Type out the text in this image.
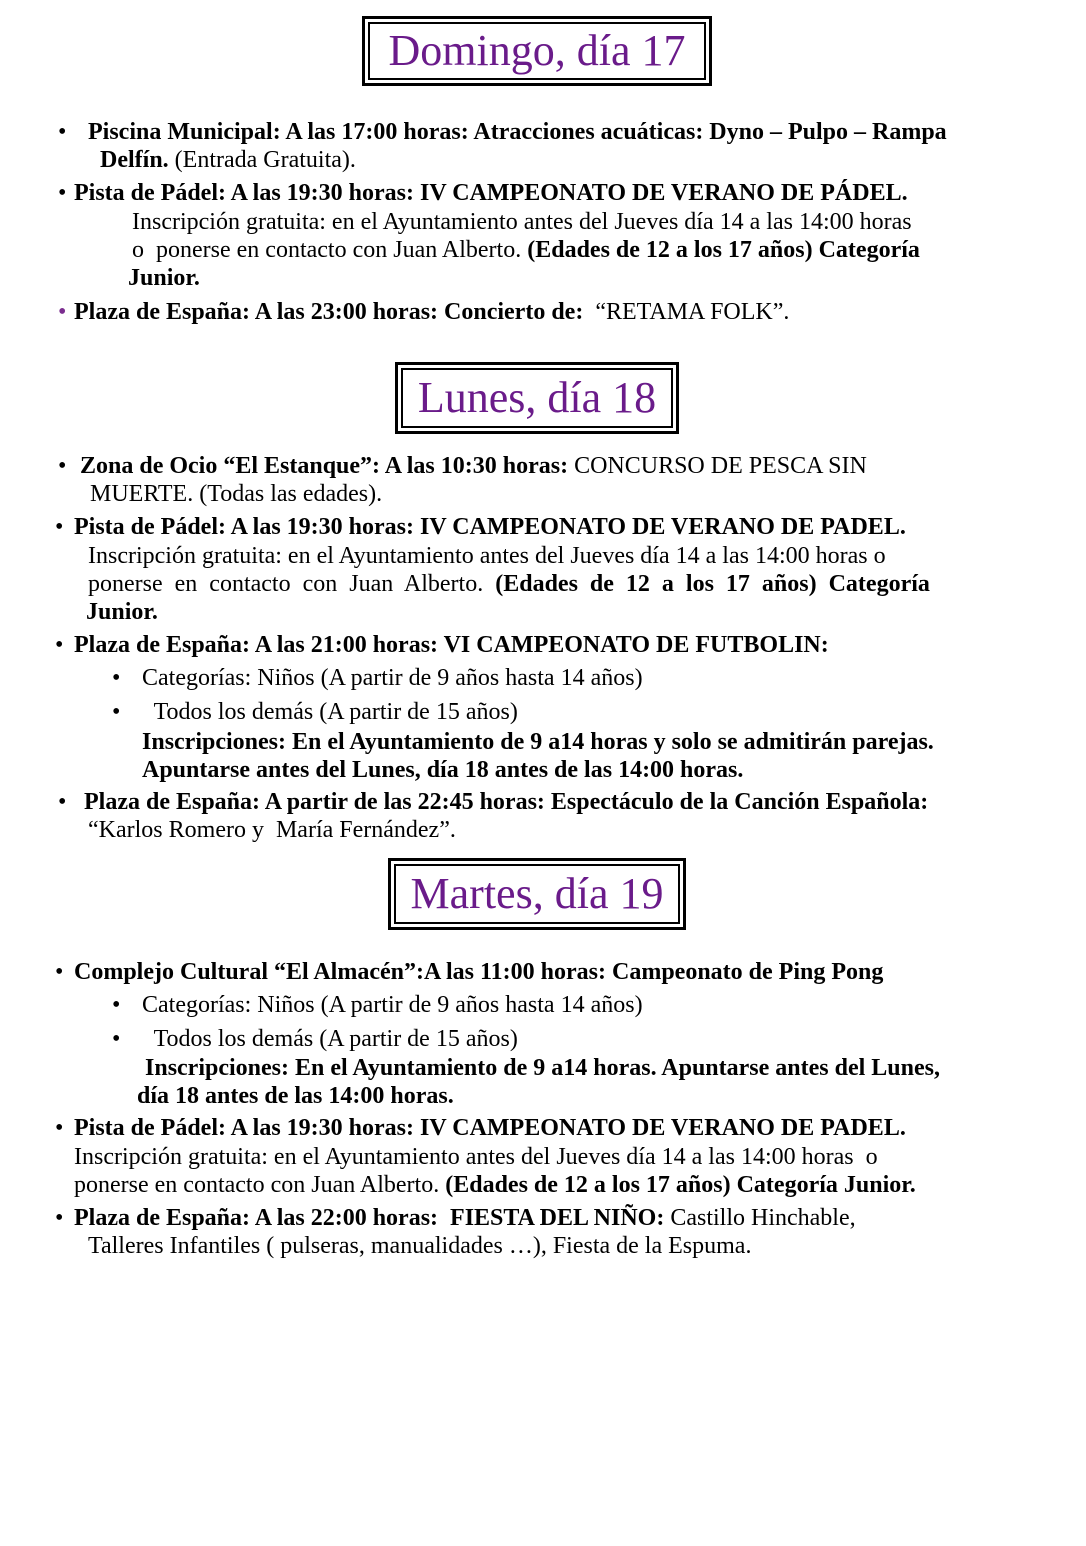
Domingo, día 17
• Piscina Municipal: A las 17:00 horas: Atracciones acuáticas: Dyno – Pulpo – Rampa
Delfín. (Entrada Gratuita).
• Pista de Pádel: A las 19:30 horas: IV CAMPEONATO DE VERANO DE PÁDEL.
Inscripción gratuita: en el Ayuntamiento antes del Jueves día 14 a las 14:00 horas
o  ponerse en contacto con Juan Alberto. (Edades de 12 a los 17 años) Categoría
Junior.
• Plaza de España: A las 23:00 horas: Concierto de:  “RETAMA FOLK”.
Lunes, día 18
• Zona de Ocio “El Estanque”: A las 10:30 horas: CONCURSO DE PESCA SIN
MUERTE. (Todas las edades).
• Pista de Pádel: A las 19:30 horas: IV CAMPEONATO DE VERANO DE PADEL.
Inscripción gratuita: en el Ayuntamiento antes del Jueves día 14 a las 14:00 horas o
ponerse  en  contacto  con  Juan  Alberto.  (Edades  de  12  a  los  17  años)  Categoría
Junior.
•
•
•
Plaza de España: A las 21:00 horas: VI CAMPEONATO DE FUTBOLIN:
Categorías: Niños (A partir de 9 años hasta 14 años)
Todos los demás (A partir de 15 años)
Inscripciones: En el Ayuntamiento de 9 a14 horas y solo se admitirán parejas.
Apuntarse antes del Lunes, día 18 antes de las 14:00 horas.
• Plaza de España: A partir de las 22:45 horas: Espectáculo de la Canción Española:
“Karlos Romero y  María Fernández”.
Martes, día 19
•
•
•
Complejo Cultural “El Almacén”:A las 11:00 horas: Campeonato de Ping Pong
Categorías: Niños (A partir de 9 años hasta 14 años)
Todos los demás (A partir de 15 años)
Inscripciones: En el Ayuntamiento de 9 a14 horas. Apuntarse antes del Lunes,
día 18 antes de las 14:00 horas.
• Pista de Pádel: A las 19:30 horas: IV CAMPEONATO DE VERANO DE PADEL.
Inscripción gratuita: en el Ayuntamiento antes del Jueves día 14 a las 14:00 horas  o
ponerse en contacto con Juan Alberto. (Edades de 12 a los 17 años) Categoría Junior.
• Plaza de España: A las 22:00 horas:  FIESTA DEL NIÑO: Castillo Hinchable,
Talleres Infantiles ( pulseras, manualidades …), Fiesta de la Espuma.
